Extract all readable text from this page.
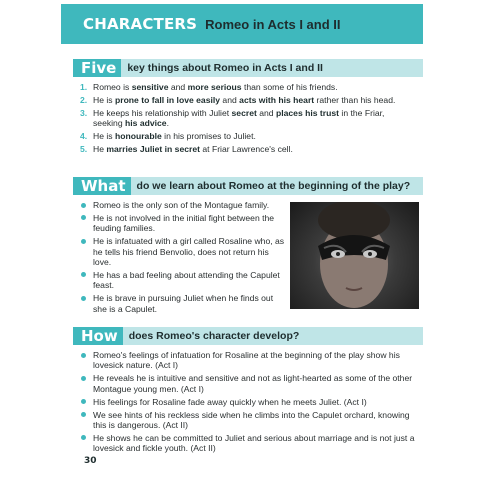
CHARACTERS Romeo in Acts I and II
Five	key things about Romeo in Acts I and II
1. Romeo is sensitive and more serious than some of his friends.
2. He is prone to fall in love easily and acts with his heart rather than his head.
3. He keeps his relationship with Juliet secret and places his trust in the Friar, seeking his advice.
4. He is honourable in his promises to Juliet.
5. He marries Juliet in secret at Friar Lawrence's cell.
What	do we learn about Romeo at the beginning of the play?
Romeo is the only son of the Montague family.
He is not involved in the initial fight between the feuding families.
He is infatuated with a girl called Rosaline who, as he tells his friend Benvolio, does not return his love.
He has a bad feeling about attending the Capulet feast.
He is brave in pursuing Juliet when he finds out she is a Capulet.
How	does Romeo's character develop?
Romeo's feelings of infatuation for Rosaline at the beginning of the play show his lovesick nature. (Act I)
He reveals he is intuitive and sensitive and not as light-hearted as some of the other Montague young men. (Act I)
His feelings for Rosaline fade away quickly when he meets Juliet. (Act I)
We see hints of his reckless side when he climbs into the Capulet orchard, knowing this is dangerous. (Act II)
He shows he can be committed to Juliet and serious about marriage and is not just a lovesick and fickle youth. (Act II)
30
